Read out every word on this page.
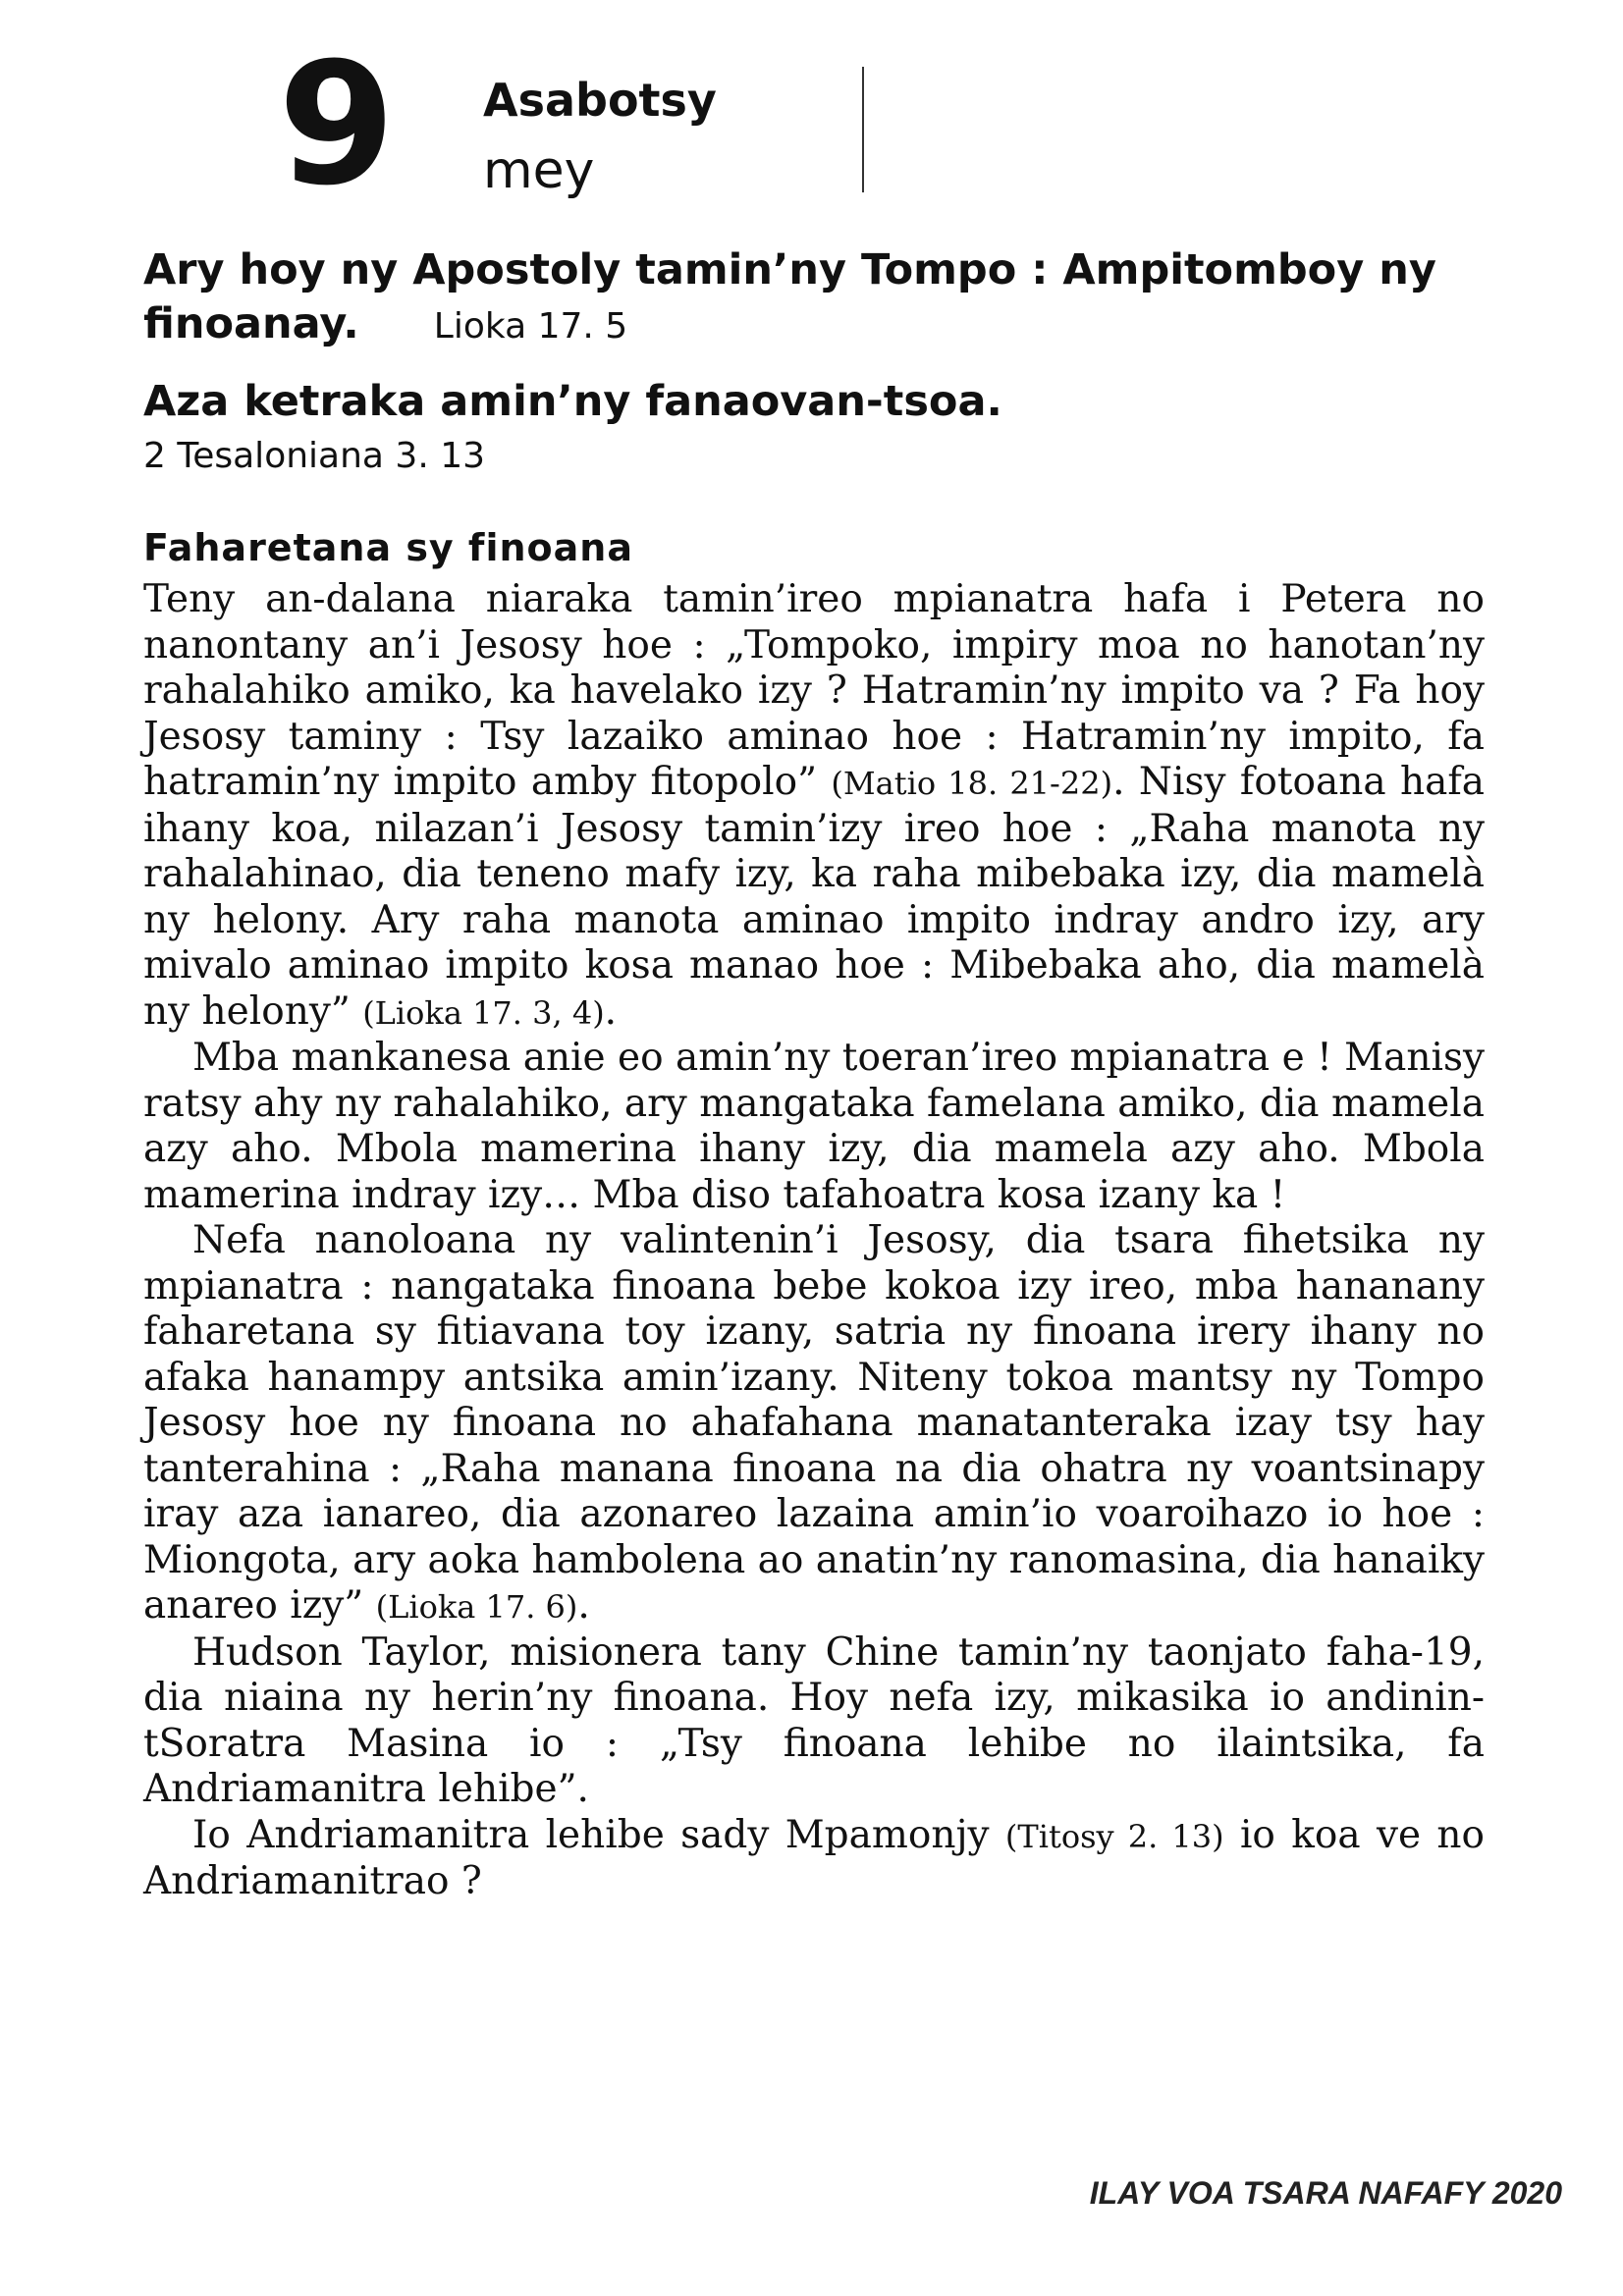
9 Asabotsy
mey

Ary hoy ny Apostoly tamin’ny Tompo : Ampitomboy ny finoanay. Lioka 17. 5

Aza ketraka amin’ny fanaovan-tsoa.

2 Tesaloniana 3. 13
Faharetana sy finoana

Teny an-dalana niaraka tamin’ireo mpianatra hafa i Petera no nanontany an’i Jesosy hoe : „Tompoko, impiry moa no hanotan’ny rahalahiko amiko, ka havelako izy ? Hatramin’ny impito va ? Fa hoy Jesosy taminy : Tsy lazaiko aminao hoe : Hatramin’ny impito, fa hatramin’ny impito amby fitopolo” (Matio 18. 21-22). Nisy fotoana hafa ihany koa, nilazan’i Jesosy tamin’izy ireo hoe : „Raha manota ny rahalahinao, dia teneno mafy izy, ka raha mibebaka izy, dia mamelà ny helony. Ary raha manota aminao impito indray andro izy, ary mivalo aminao impito kosa manao hoe : Mibebaka aho, dia mamelà ny helony” (Lioka 17. 3, 4).

Mba mankanesa anie eo amin’ny toeran’ireo mpianatra e ! Manisy ratsy ahy ny rahalahiko, ary mangataka famelana amiko, dia mamela azy aho. Mbola mamerina ihany izy, dia mamela azy aho. Mbola mamerina indray izy… Mba diso tafahoatra kosa izany ka !

Nefa nanoloana ny valintenin’i Jesosy, dia tsara fihetsika ny mpianatra : nangataka finoana bebe kokoa izy ireo, mba hananany faharetana sy fitiavana toy izany, satria ny finoana irery ihany no afaka hanampy antsika amin’izany. Niteny tokoa mantsy ny Tompo Jesosy hoe ny finoana no ahafahana manatanteraka izay tsy hay tanterahina : „Raha manana finoana na dia ohatra ny voantsinapy iray aza ianareo, dia azonareo lazaina amin’io voaroihazo io hoe : Miongota, ary aoka hambolena ao anatin’ny ranomasina, dia hanaiky anareo izy” (Lioka 17. 6).

Hudson Taylor, misionera tany Chine tamin’ny taonjato faha-19, dia niaina ny herin’ny finoana. Hoy nefa izy, mikasika io andinin-tSoratra Masina io : „Tsy finoana lehibe no ilaintsika, fa Andriamanitra lehibe”.

Io Andriamanitra lehibe sady Mpamonjy (Titosy 2. 13) io koa ve no Andriamanitrao ?

ILAY VOA TSARA NAFAFY 2020
